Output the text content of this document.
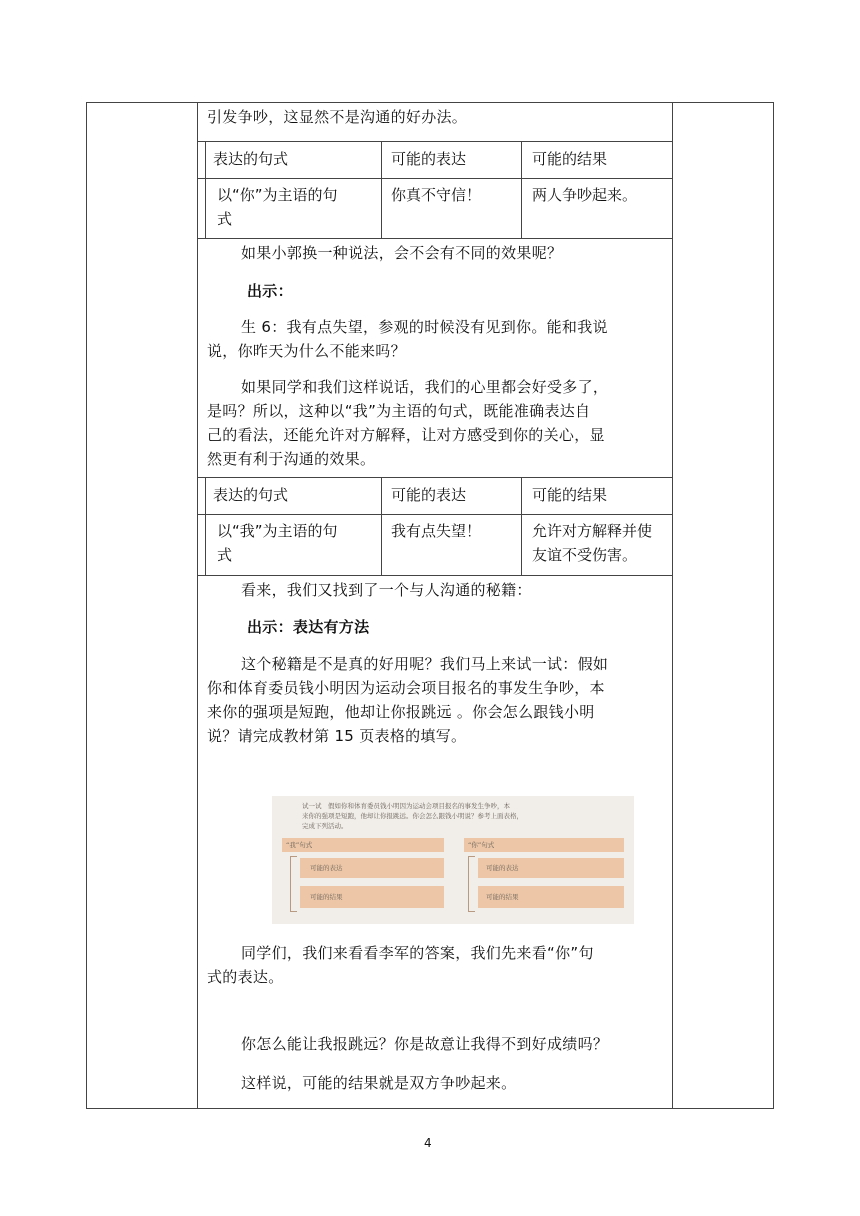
引发争吵，这显然不是沟通的好办法。
表达的句式	可能的表达	可能的结果
以“你”为主语的句
式
你真不守信！	两人争吵起来。
如果小郭换一种说法，会不会有不同的效果呢？
出示：
生 6：我有点失望，参观的时候没有见到你。能和我说
说，你昨天为什么不能来吗？
如果同学和我们这样说话，我们的心里都会好受多了，
是吗？所以，这种以“我”为主语的句式，既能准确表达自
己的看法，还能允许对方解释，让对方感受到你的关心，显
然更有利于沟通的效果。
表达的句式	可能的表达	可能的结果
以“我”为主语的句
式
我有点失望！	允许对方解释并使
友谊不受伤害。
看来，我们又找到了一个与人沟通的秘籍：
出示：表达有方法
这个秘籍是不是真的好用呢？我们马上来试一试：假如
你和体育委员钱小明因为运动会项目报名的事发生争吵，本
来你的强项是短跑，他却让你报跳远 。你会怎么跟钱小明
说？请完成教材第 15 页表格的填写。
试一试　假如你和体育委员钱小明因为运动会项目报名的事发生争吵，本
来你的强项是短跑，他却让你报跳远。你会怎么跟钱小明说？参考上面表格，
完成下列活动。
“我”句式
可能的表达
可能的结果
“你”句式
可能的表达
可能的结果
同学们，我们来看看李军的答案，我们先来看“你”句
式的表达。
你怎么能让我报跳远？你是故意让我得不到好成绩吗？
这样说，可能的结果就是双方争吵起来。
4
